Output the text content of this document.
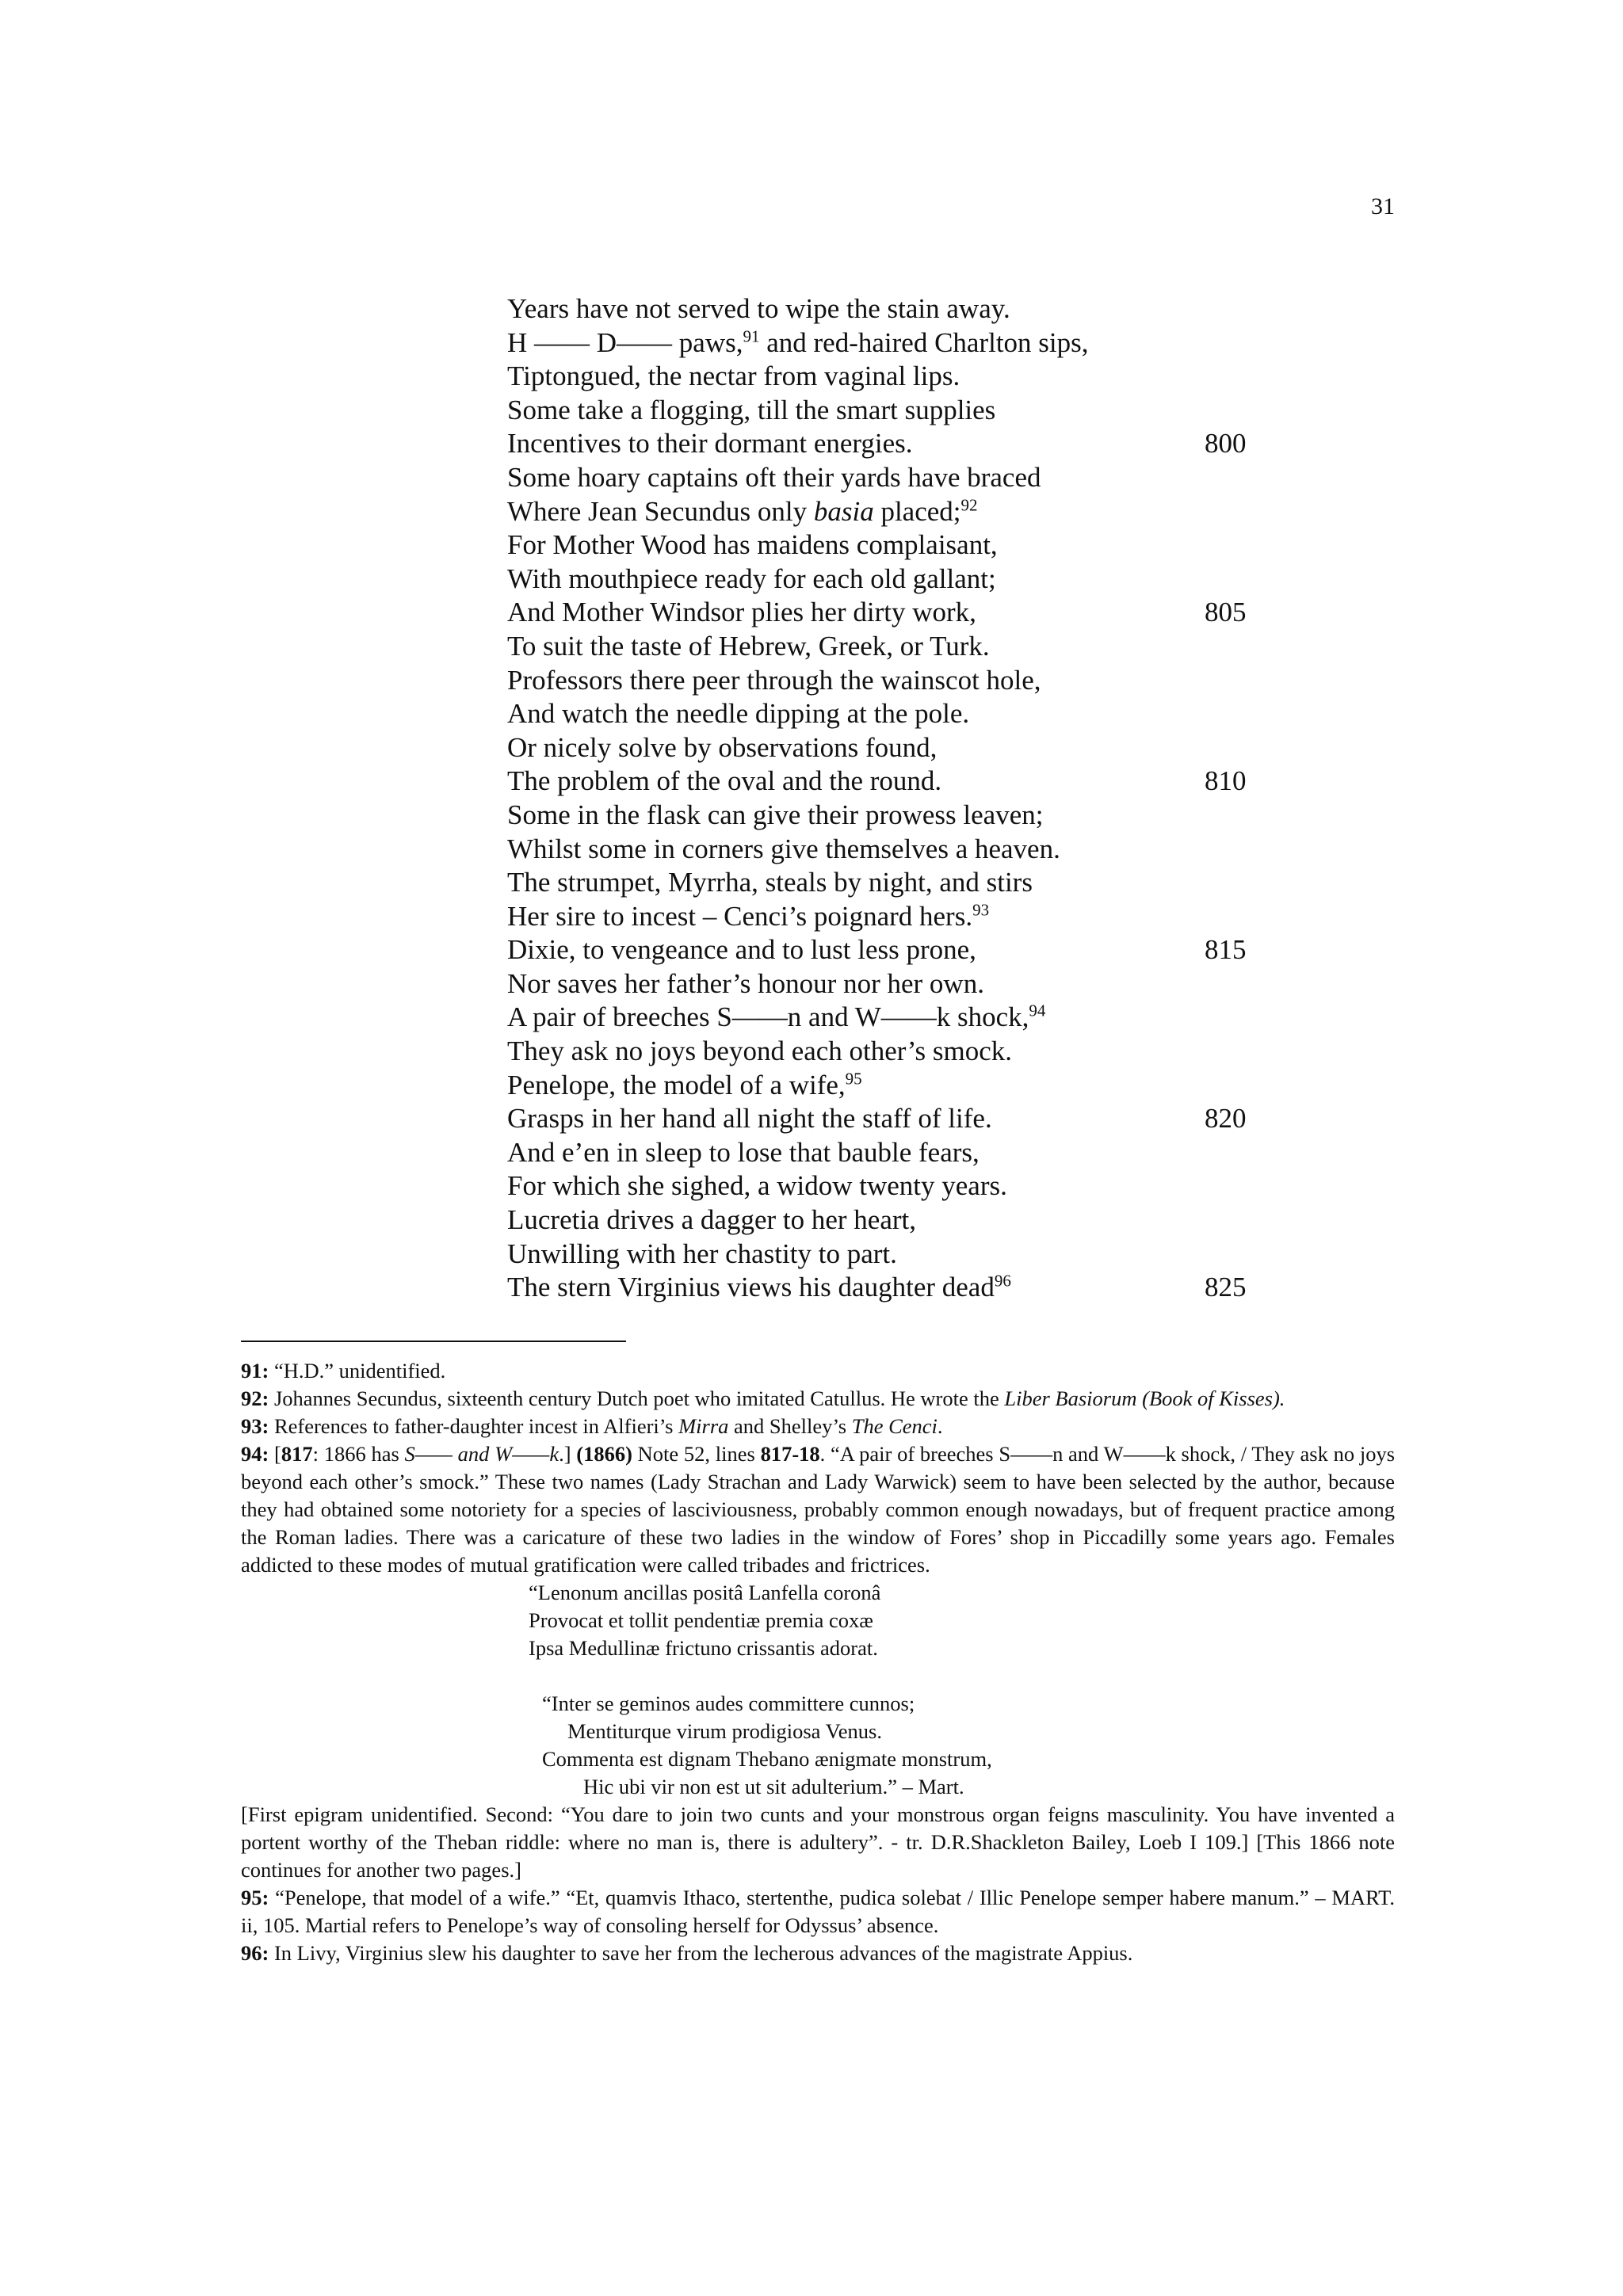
31
Years have not served to wipe the stain away.
H —— D—— paws,$^{91}$ and red-haired Charlton sips,
Tiptongued, the nectar from vaginal lips.
Some take a flogging, till the smart supplies
Incentives to their dormant energies.	800
Some hoary captains oft their yards have braced
Where Jean Secundus only basia placed;$^{92}$
For Mother Wood has maidens complaisant,
With mouthpiece ready for each old gallant;
And Mother Windsor plies her dirty work,	805
To suit the taste of Hebrew, Greek, or Turk.
Professors there peer through the wainscot hole,
And watch the needle dipping at the pole.
Or nicely solve by observations found,
The problem of the oval and the round.	810
Some in the flask can give their prowess leaven;
Whilst some in corners give themselves a heaven.
The strumpet, Myrrha, steals by night, and stirs
Her sire to incest – Cenci’s poignard hers.$^{93}$
Dixie, to vengeance and to lust less prone,	815
Nor saves her father’s honour nor her own.
A pair of breeches S——n and W——k shock,$^{94}$
They ask no joys beyond each other’s smock.
Penelope, the model of a wife,$^{95}$
Grasps in her hand all night the staff of life.	820
And e’en in sleep to lose that bauble fears,
For which she sighed, a widow twenty years.
Lucretia drives a dagger to her heart,
Unwilling with her chastity to part.
The stern Virginius views his daughter dead$^{96}$	825
91: “H.D.” unidentified.
92: Johannes Secundus, sixteenth century Dutch poet who imitated Catullus. He wrote the Liber Basiorum (Book of Kisses).
93: References to father-daughter incest in Alfieri’s Mirra and Shelley’s The Cenci.
94: [817: 1866 has S—— and W——k.] (1866) Note 52, lines 817-18. “A pair of breeches S——n and W——k shock, / They ask no joys beyond each other’s smock.” These two names (Lady Strachan and Lady Warwick) seem to have been selected by the author, because they had obtained some notoriety for a species of lasciviousness, probably common enough nowadays, but of frequent practice among the Roman ladies. There was a caricature of these two ladies in the window of Fores’ shop in Piccadilly some years ago. Females addicted to these modes of mutual gratification were called tribades and frictrices.
“Lenonum ancillas positâ Lanfella coronâ
Provocat et tollit pendentiæ premia coxæ
Ipsa Medullinæ frictuno crissantis adorat.
“Inter se geminos audes committere cunnos;
Mentiturque virum prodigiosa Venus.
Commenta est dignam Thebano ænigmate monstrum,
Hic ubi vir non est ut sit adulterium.” – Mart.
[First epigram unidentified. Second: “You dare to join two cunts and your monstrous organ feigns masculinity. You have invented a portent worthy of the Theban riddle: where no man is, there is adultery”. - tr. D.R.Shackleton Bailey, Loeb I 109.] [This 1866 note continues for another two pages.]
95: “Penelope, that model of a wife.” “Et, quamvis Ithaco, stertenthe, pudica solebat / Illic Penelope semper habere manum.” – MART. ii, 105. Martial refers to Penelope’s way of consoling herself for Odyssus’ absence.
96: In Livy, Virginius slew his daughter to save her from the lecherous advances of the magistrate Appius.
